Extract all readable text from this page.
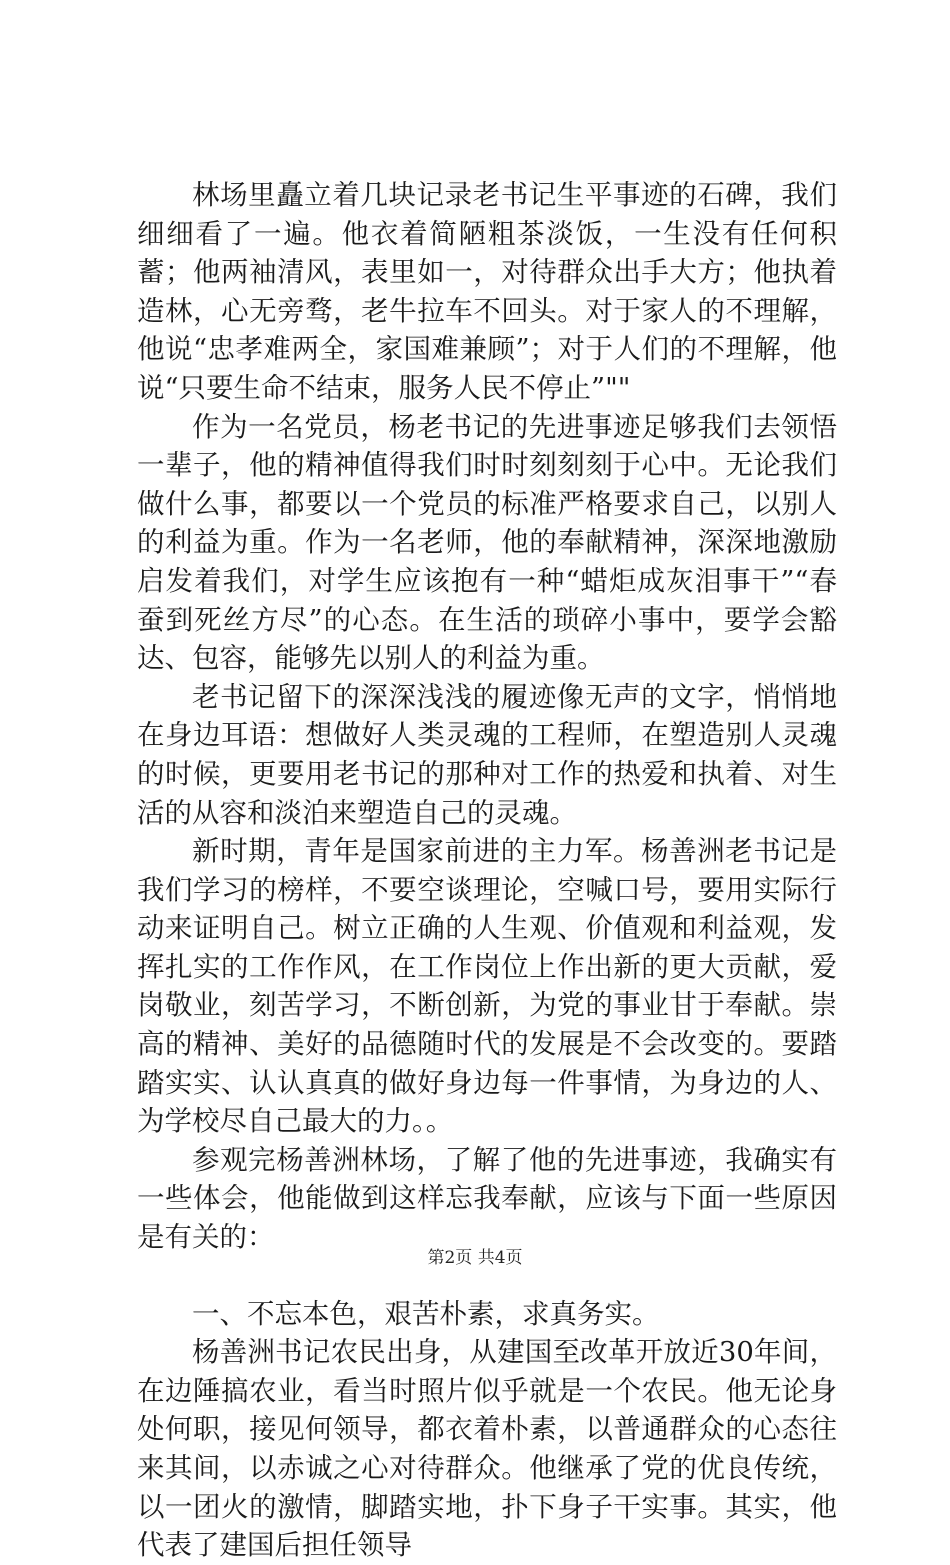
林场里矗立着几块记录老书记生平事迹的石碑，我们细细看了一遍。他衣着简陋粗茶淡饭，一生没有任何积蓄；他两袖清风，表里如一，对待群众出手大方；他执着造林，心无旁骛，老牛拉车不回头。对于家人的不理解，他说“忠孝难两全，家国难兼顾”；对于人们的不理解，他说“只要生命不结束，服务人民不停止”""

作为一名党员，杨老书记的先进事迹足够我们去领悟一辈子，他的精神值得我们时时刻刻刻于心中。无论我们做什么事，都要以一个党员的标准严格要求自己，以别人的利益为重。作为一名老师，他的奉献精神，深深地激励启发着我们，对学生应该抱有一种“蜡炬成灰泪事干”“春蚕到死丝方尽”的心态。在生活的琐碎小事中，要学会豁达、包容，能够先以别人的利益为重。

老书记留下的深深浅浅的履迹像无声的文字，悄悄地在身边耳语：想做好人类灵魂的工程师，在塑造别人灵魂的时候，更要用老书记的那种对工作的热爱和执着、对生活的从容和淡泊来塑造自己的灵魂。

新时期，青年是国家前进的主力军。杨善洲老书记是我们学习的榜样，不要空谈理论，空喊口号，要用实际行动来证明自己。树立正确的人生观、价值观和利益观，发挥扎实的工作作风，在工作岗位上作出新的更大贡献，爱岗敬业，刻苦学习，不断创新，为党的事业甘于奉献。崇高的精神、美好的品德随时代的发展是不会改变的。要踏踏实实、认认真真的做好身边每一件事情，为身边的人、为学校尽自己最大的力。。

参观完杨善洲林场，了解了他的先进事迹，我确实有一些体会，他能做到这样忘我奉献，应该与下面一些原因是有关的：

一、不忘本色，艰苦朴素，求真务实。

杨善洲书记农民出身，从建国至改革开放近30年间，在边陲搞农业，看当时照片似乎就是一个农民。他无论身处何职，接见何领导，都衣着朴素，以普通群众的心态往来其间，以赤诚之心对待群众。他继承了党的优良传统，以一团火的激情，脚踏实地，扑下身子干实事。其实，他代表了建国后担任领导

第2页 共4页
